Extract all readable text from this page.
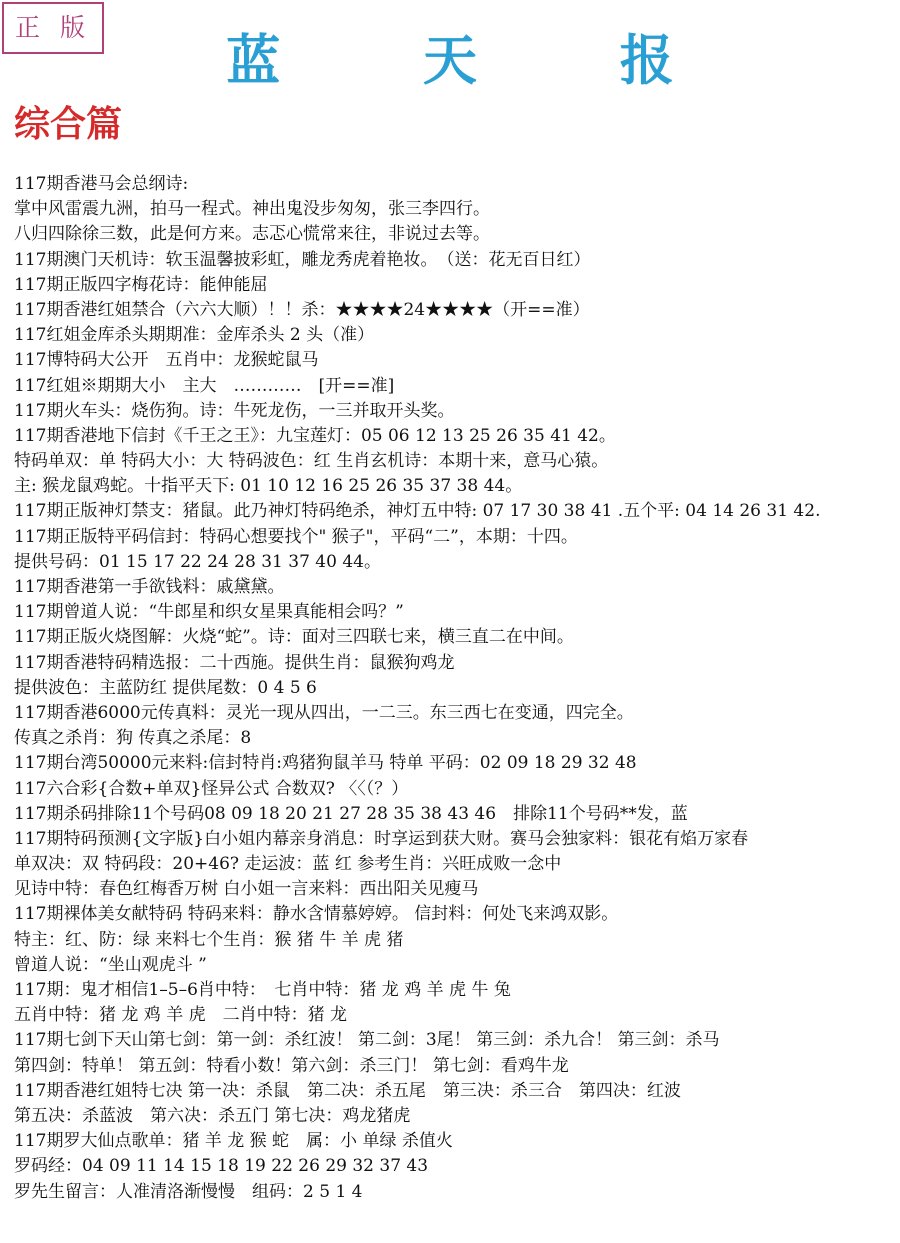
正 版
蓝 天 报
综合篇
117期香港马会总纲诗:
掌中风雷震九洲，拍马一程式。神出鬼没步匆匆，张三李四行。
八归四除徐三数，此是何方来。志忑心慌常来往，非说过去等。
117期澳门天机诗：软玉温馨披彩虹，雕龙秀虎着艳妆。　（送：花无百日红）
117期正版四字梅花诗：能伸能屈
117期香港红姐禁合（六六大顺）！！杀：★★★★24★★★★（开==准）
117红姐金库杀头期期准：金库杀头 2 头（准）
117博特码大公开　五肖中：龙猴蛇鼠马
117红姐※期期大小　主大　…………　[开==准]
117期火车头：烧伤狗。诗：牛死龙伤，一三并取开头奖。
117期香港地下信封《千王之王》：九宝莲灯：05 06 12 13 25 26 35 41 42。
特码单双：单 特码大小：大 特码波色：红 生肖玄机诗：本期十来，意马心猿。
主: 猴龙鼠鸡蛇。十指平天下: 01 10 12 16 25 26 35 37 38 44。
117期正版神灯禁支：猪鼠。此乃神灯特码绝杀，神灯五中特: 07 17 30 38 41 .五个平: 04 14 26 31 42.
117期正版特平码信封：特码心想要找个" 猴子"，平码“二”，本期：十四。
提供号码：01 15 17 22 24 28 31 37 40 44。
117期香港第一手欲钱料：戚黛黛。
117期曾道人说：“牛郎星和织女星果真能相会吗？”
117期正版火烧图解：火烧“蛇”。诗：面对三四联七来，横三直二在中间。
117期香港特码精选报：二十西施。提供生肖：鼠猴狗鸡龙
提供波色：主蓝防红 提供尾数：0 4 5 6
117期香港6000元传真料：灵光一现从四出，一二三。东三西七在变通，四完全。
传真之杀肖：狗 传真之杀尾：8
117期台湾50000元来料:信封特肖:鸡猪狗鼠羊马 特单 平码：02 09 18 29 32 48
117六合彩{合数+单双}怪异公式 合数双? 〈〈（？）
117期杀码排除11个号码08 09 18 20 21 27 28 35 38 43 46　排除11个号码**发，蓝
117期特码预测{文字版}白小姐内幕亲身消息：时享运到获大财。赛马会独家料：银花有焰万家春
单双决：双 特码段：20+46? 走运波：蓝 红 参考生肖：兴旺成败一念中
见诗中特：春色红梅香万树 白小姐一言来料：西出阳关见瘦马
117期裸体美女献特码 特码来料：静水含情慕婷婷。 信封料：何处飞来鸿双影。
特主：红、防：绿 来料七个生肖：猴 猪 牛 羊 虎 猪
曾道人说：“坐山观虎斗 ”
117期：鬼才相信1–5–6肖中特：　七肖中特：猪 龙 鸡 羊 虎 牛 兔
五肖中特：猪 龙 鸡 羊 虎　二肖中特：猪 龙
117期七剑下天山第七剑：第一剑：杀红波！ 第二剑：3尾！ 第三剑：杀九合！ 第三剑：杀马
第四剑：特单！ 第五剑：特看小数！第六剑：杀三门！ 第七剑：看鸡牛龙
117期香港红姐特七决 第一决：杀鼠　第二决：杀五尾　第三决：杀三合　第四决：红波
第五决：杀蓝波　第六决：杀五门 第七决：鸡龙猪虎
117期罗大仙点歌单：猪 羊 龙 猴 蛇　属：小 单绿 杀值火
罗码经：04 09 11 14 15 18 19 22 26 29 32 37 43
罗先生留言：人准清洛渐慢慢　组码：2 5 1 4
